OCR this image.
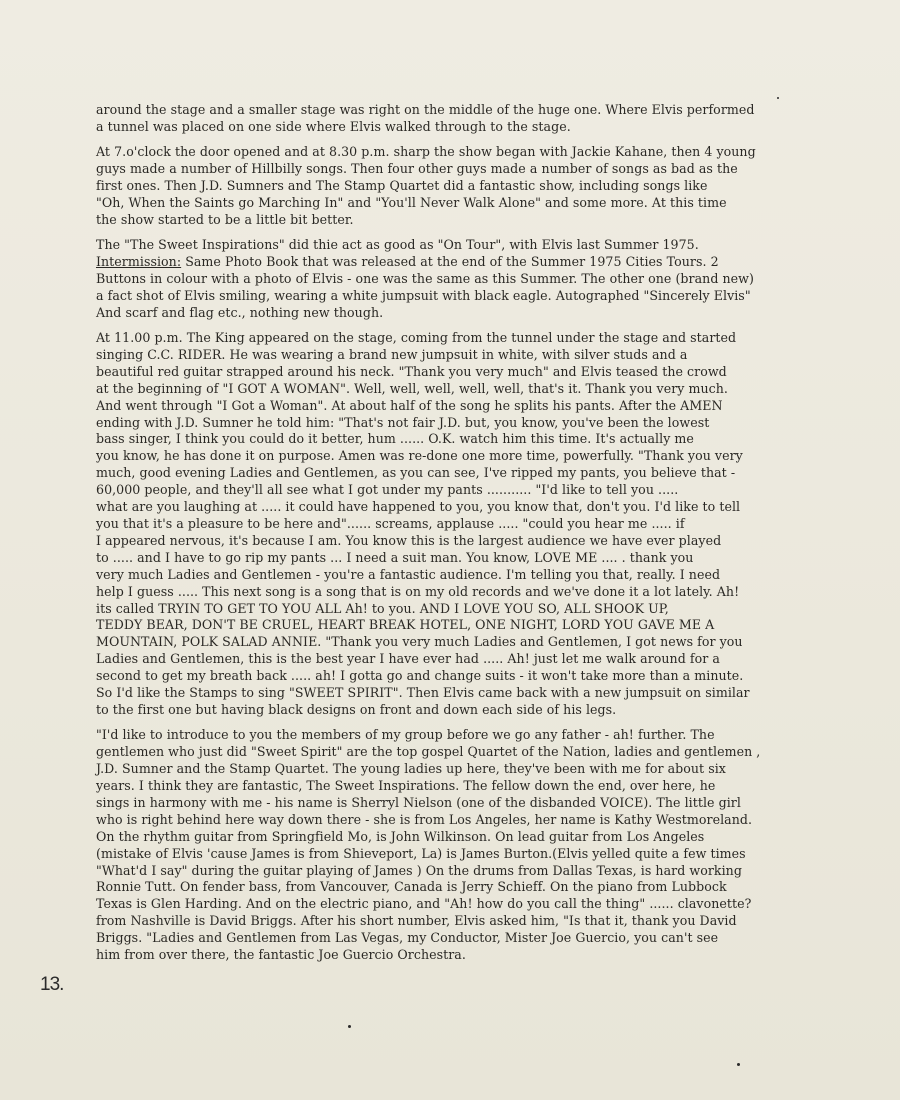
around the stage and a smaller stage was right on the middle of the huge one. Where Elvis performed
a tunnel was placed on one side where Elvis walked through to the stage.
At 7.o'clock the door opened and at 8.30 p.m. sharp the show began with Jackie Kahane, then 4 young
guys made a number of Hillbilly songs. Then four other guys made a number of songs as bad as the
first ones. Then J.D. Sumners and The Stamp Quartet did a fantastic show, including songs like
"Oh, When the Saints go Marching In" and "You'll Never Walk Alone" and some more. At this time
the show started to be a little bit better.
The "The Sweet Inspirations" did thie act as good as "On Tour", with Elvis last Summer 1975.
Intermission: Same Photo Book that was released at the end of the Summer 1975 Cities Tours. 2
Buttons in colour with a photo of Elvis - one was the same as this Summer. The other one (brand new)
a fact shot of Elvis smiling, wearing a white jumpsuit with black eagle. Autographed "Sincerely Elvis"
And scarf and flag etc., nothing new though.
At 11.00 p.m. The King appeared on the stage, coming from the tunnel under the stage and started
singing C.C. RIDER. He was wearing a brand new jumpsuit in white, with silver studs and a
beautiful red guitar strapped around his neck. "Thank you very much" and Elvis teased the crowd
at the beginning of "I GOT A WOMAN". Well, well, well, well, well, that's it. Thank you very much.
And went through "I Got a Woman". At about half of the song he splits his pants. After the AMEN
ending with J.D. Sumner he told him: "That's not fair J.D. but, you know, you've been the lowest
bass singer, I think you could do it better, hum ...... O.K. watch him this time. It's actually me
you know, he has done it on purpose. Amen was re-done one more time, powerfully. "Thank you very
much, good evening Ladies and Gentlemen, as you can see, I've ripped my pants, you believe that -
60,000 people, and they'll all see what I got under my pants ........... "I'd like to tell you .....
what are you laughing at ..... it could have happened to you, you know that, don't you. I'd like to tell
you that it's a pleasure to be here and"...... screams, applause ..... "could you hear me ..... if
I appeared nervous, it's because I am. You know this is the largest audience we have ever played
to ..... and I have to go rip my pants ... I need a suit man. You know, LOVE ME .... . thank you
very much Ladies and Gentlemen - you're a fantastic audience. I'm telling you that, really. I need
help I guess ..... This next song is a song that is on my old records and we've done it a lot lately. Ah!
its called TRYIN TO GET TO YOU ALL Ah! to you. AND I LOVE YOU SO, ALL SHOOK UP,
TEDDY BEAR, DON'T BE CRUEL, HEART BREAK HOTEL, ONE NIGHT, LORD YOU GAVE ME A
MOUNTAIN, POLK SALAD ANNIE. "Thank you very much Ladies and Gentlemen, I got news for you
Ladies and Gentlemen, this is the best year I have ever had ..... Ah! just let me walk around for a
second to get my breath back ..... ah! I gotta go and change suits - it won't take more than a minute.
So I'd like the Stamps to sing "SWEET SPIRIT". Then Elvis came back with a new jumpsuit on similar
to the first one but having black designs on front and down each side of his legs.
"I'd like to introduce to you the members of my group before we go any father - ah! further. The
gentlemen who just did "Sweet Spirit" are the top gospel Quartet of the Nation, ladies and gentlemen ,
J.D. Sumner and the Stamp Quartet. The young ladies up here, they've been with me for about six
years. I think they are fantastic, The Sweet Inspirations. The fellow down the end, over here, he
sings in harmony with me - his name is Sherryl Nielson (one of the disbanded VOICE). The little girl
who is right behind here way down there - she is from Los Angeles, her name is Kathy Westmoreland.
On the rhythm guitar from Springfield Mo, is John Wilkinson. On lead guitar from Los Angeles
(mistake of Elvis 'cause James is from Shieveport, La) is James Burton.(Elvis yelled quite a few times
"What'd I say" during the guitar playing of James ) On the drums from Dallas Texas, is hard working
Ronnie Tutt. On fender bass, from Vancouver, Canada is Jerry Schieff. On the piano from Lubbock
Texas is Glen Harding. And on the electric piano, and "Ah! how do you call the thing" ...... clavonette?
from Nashville is David Briggs. After his short number, Elvis asked him, "Is that it, thank you David
Briggs. "Ladies and Gentlemen from Las Vegas, my Conductor, Mister Joe Guercio, you can't see
him from over there, the fantastic Joe Guercio Orchestra.
13.
